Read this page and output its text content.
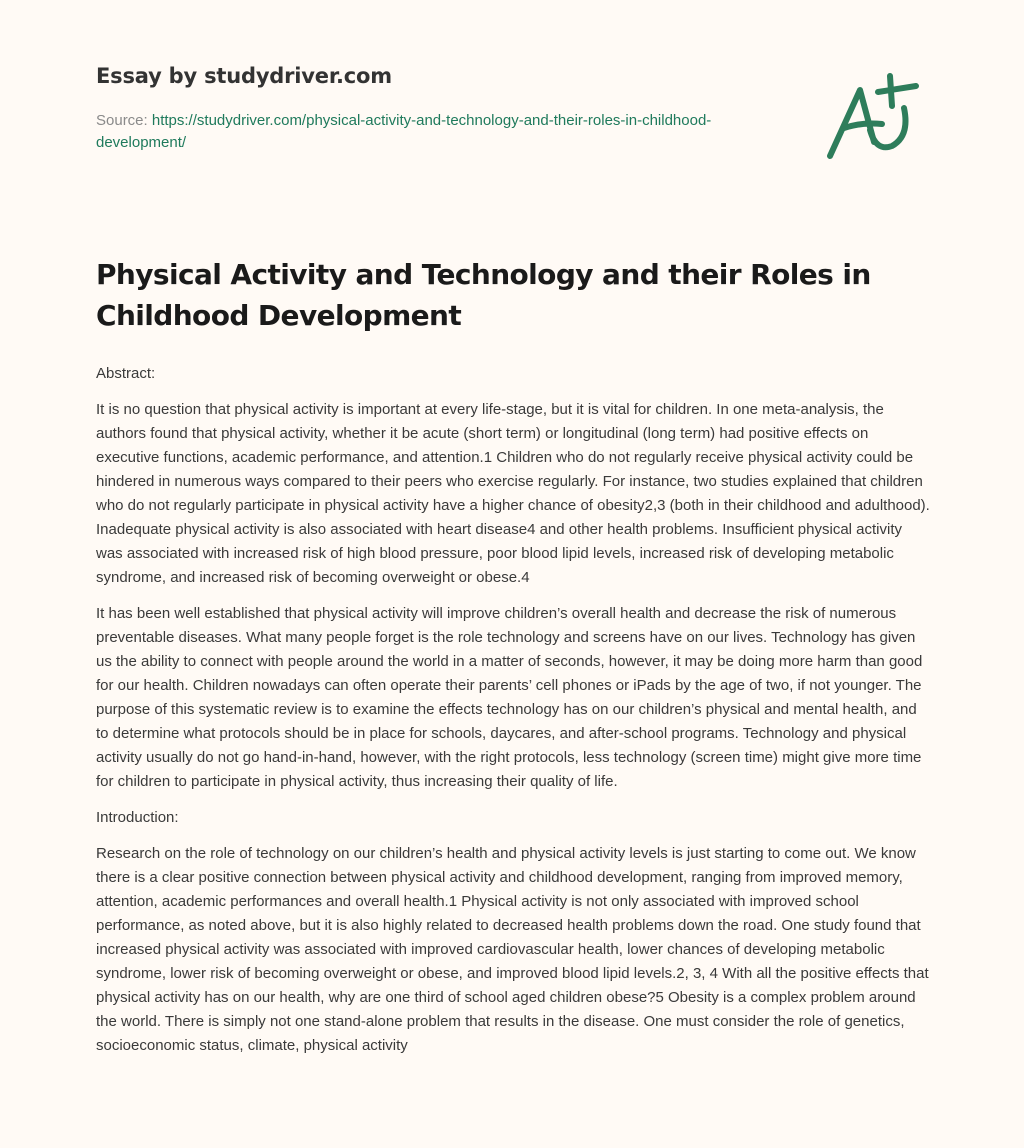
Essay by studydriver.com
Source: https://studydriver.com/physical-activity-and-technology-and-their-roles-in-childhood-development/
Physical Activity and Technology and their Roles in Childhood Development
Abstract:

It is no question that physical activity is important at every life-stage, but it is vital for children. In one meta-analysis, the authors found that physical activity, whether it be acute (short term) or longitudinal (long term) had positive effects on executive functions, academic performance, and attention.1 Children who do not regularly receive physical activity could be hindered in numerous ways compared to their peers who exercise regularly. For instance, two studies explained that children who do not regularly participate in physical activity have a higher chance of obesity2,3 (both in their childhood and adulthood). Inadequate physical activity is also associated with heart disease4 and other health problems. Insufficient physical activity was associated with increased risk of high blood pressure, poor blood lipid levels, increased risk of developing metabolic syndrome, and increased risk of becoming overweight or obese.4

It has been well established that physical activity will improve children’s overall health and decrease the risk of numerous preventable diseases. What many people forget is the role technology and screens have on our lives. Technology has given us the ability to connect with people around the world in a matter of seconds, however, it may be doing more harm than good for our health. Children nowadays can often operate their parents’ cell phones or iPads by the age of two, if not younger. The purpose of this systematic review is to examine the effects technology has on our children’s physical and mental health, and to determine what protocols should be in place for schools, daycares, and after-school programs. Technology and physical activity usually do not go hand-in-hand, however, with the right protocols, less technology (screen time) might give more time for children to participate in physical activity, thus increasing their quality of life.

Introduction:

Research on the role of technology on our children’s health and physical activity levels is just starting to come out. We know there is a clear positive connection between physical activity and childhood development, ranging from improved memory, attention, academic performances and overall health.1 Physical activity is not only associated with improved school performance, as noted above, but it is also highly related to decreased health problems down the road. One study found that increased physical activity was associated with improved cardiovascular health, lower chances of developing metabolic syndrome, lower risk of becoming overweight or obese, and improved blood lipid levels.2, 3, 4 With all the positive effects that physical activity has on our health, why are one third of school aged children obese?5 Obesity is a complex problem around the world. There is simply not one stand-alone problem that results in the disease. One must consider the role of genetics, socioeconomic status, climate, physical activity
